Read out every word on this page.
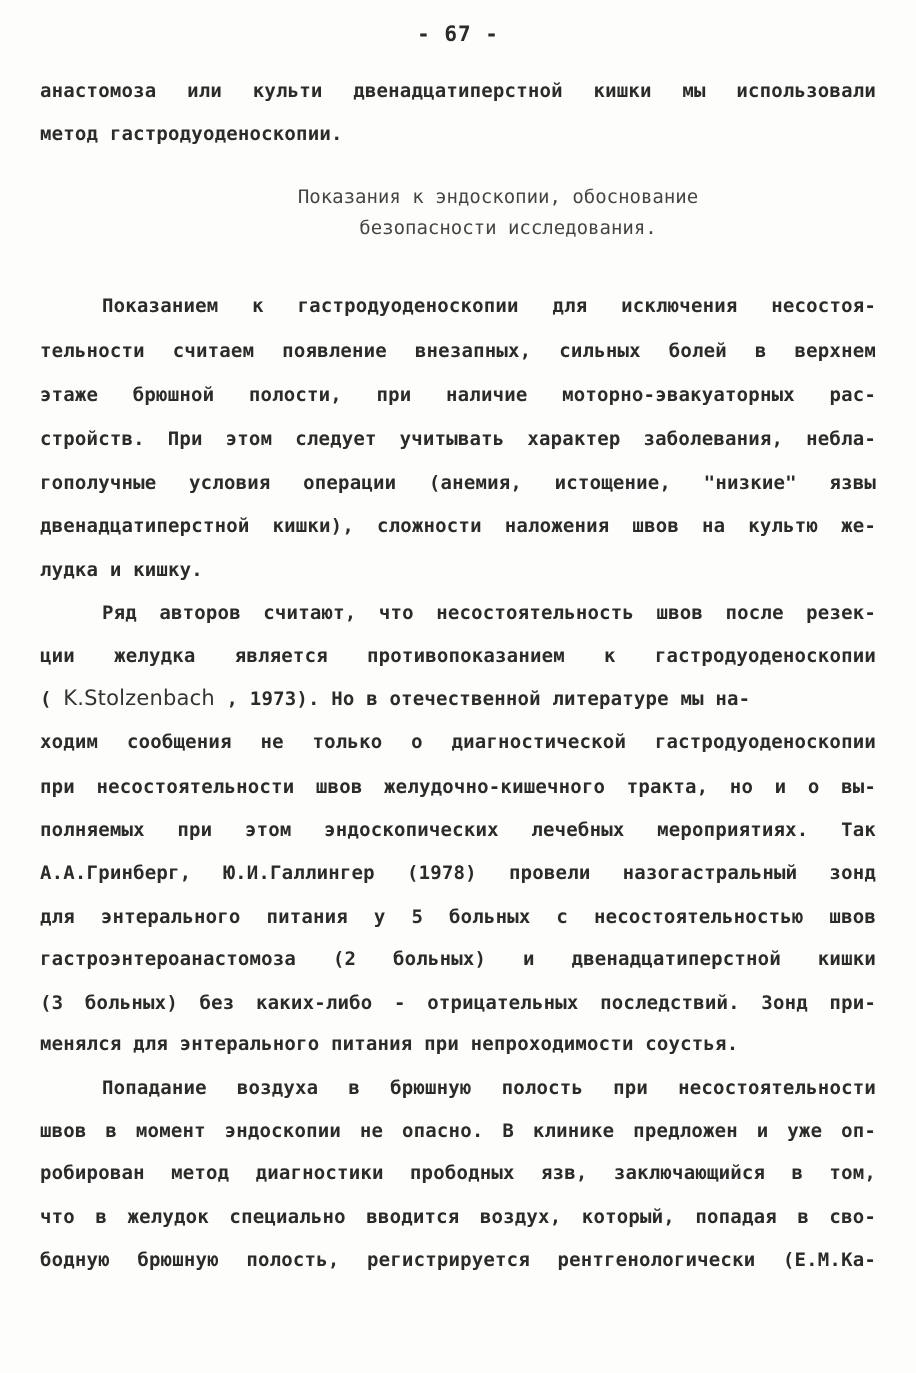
- 67 -
анастомоза или культи двенадцатиперстной кишки мы использовали
метод гастродуоденоскопии.
Показания к эндоскопии, обоснование
безопасности исследования.
Показанием к гастродуоденоскопии для исключения несостоя-
тельности считаем появление внезапных, сильных болей в верхнем
этаже брюшной полости, при наличие моторно-эвакуаторных рас-
стройств. При этом следует учитывать характер заболевания, небла-
гополучные условия операции (анемия, истощение, "низкие" язвы
двенадцатиперстной кишки), сложности наложения швов на культю же-
лудка и кишку.
Ряд авторов считают, что несостоятельность швов после резек-
ции желудка является противопоказанием к гастродуоденоскопии
( K.Stolzenbach , 1973). Но в отечественной литературе мы на-
ходим сообщения не только о диагностической гастродуоденоскопии
при несостоятельности швов желудочно-кишечного тракта, но и о вы-
полняемых при этом эндоскопических лечебных мероприятиях. Так
А.А.Гринберг, Ю.И.Галлингер (1978) провели назогастральный зонд
для энтерального питания у 5 больных с несостоятельностью швов
гастроэнтероанастомоза (2 больных) и двенадцатиперстной кишки
(3 больных) без каких-либо - отрицательных последствий. Зонд при-
менялся для энтерального питания при непроходимости соустья.
Попадание воздуха в брюшную полость при несостоятельности
швов в момент эндоскопии не опасно. В клинике предложен и уже оп-
робирован метод диагностики прободных язв, заключающийся в том,
что в желудок специально вводится воздух, который, попадая в сво-
бодную брюшную полость, регистрируется рентгенологически (Е.М.Ка-
